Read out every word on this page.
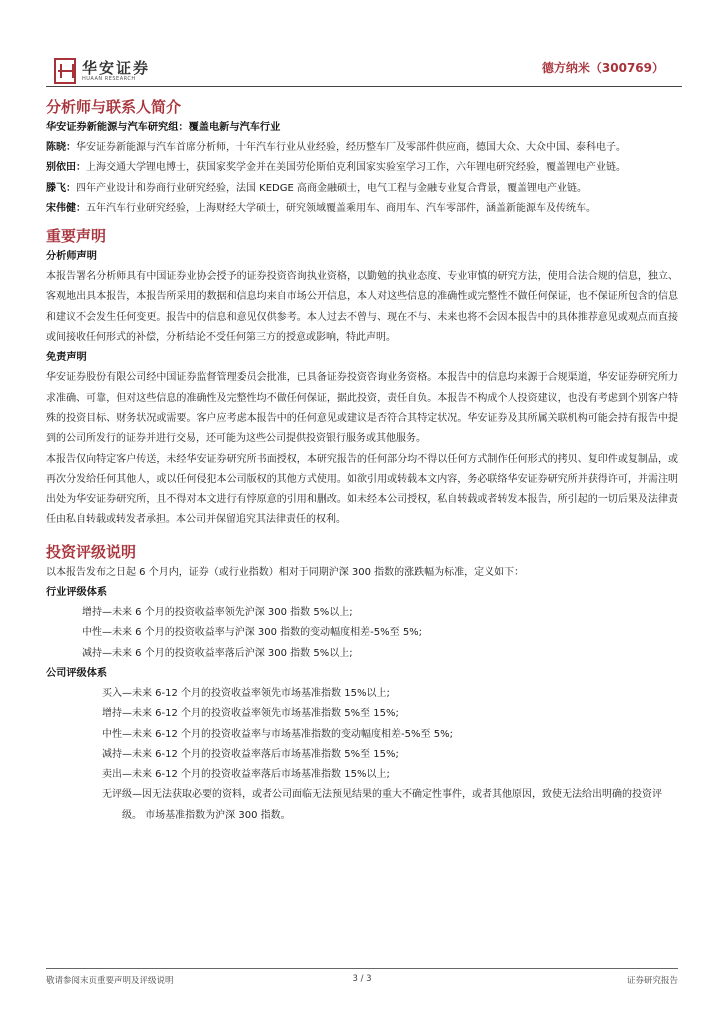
华安证券
HUAAN RESEARCH
德方纳米（300769）
分析师与联系人简介
华安证券新能源与汽车研究组：覆盖电新与汽车行业
陈晓：华安证券新能源与汽车首席分析师，十年汽车行业从业经验，经历整车厂及零部件供应商，德国大众、大众中国、泰科电子。
别依田：上海交通大学锂电博士，获国家奖学金并在美国劳伦斯伯克利国家实验室学习工作，六年锂电研究经验，覆盖锂电产业链。
滕飞：四年产业设计和券商行业研究经验，法国 KEDGE 高商金融硕士，电气工程与金融专业复合背景，覆盖锂电产业链。
宋伟健：五年汽车行业研究经验，上海财经大学硕士，研究领域覆盖乘用车、商用车、汽车零部件，涵盖新能源车及传统车。
重要声明
分析师声明
本报告署名分析师具有中国证券业协会授予的证券投资咨询执业资格，以勤勉的执业态度、专业审慎的研究方法，使用合法合规的信息，独立、客观地出具本报告，本报告所采用的数据和信息均来自市场公开信息，本人对这些信息的准确性或完整性不做任何保证，也不保证所包含的信息和建议不会发生任何变更。报告中的信息和意见仅供参考。本人过去不曾与、现在不与、未来也将不会因本报告中的具体推荐意见或观点而直接或间接收任何形式的补偿，分析结论不受任何第三方的授意或影响，特此声明。
免责声明
华安证券股份有限公司经中国证券监督管理委员会批准，已具备证券投资咨询业务资格。本报告中的信息均来源于合规渠道，华安证券研究所力求准确、可靠，但对这些信息的准确性及完整性均不做任何保证，据此投资，责任自负。本报告不构成个人投资建议，也没有考虑到个别客户特殊的投资目标、财务状况或需要。客户应考虑本报告中的任何意见或建议是否符合其特定状况。华安证券及其所属关联机构可能会持有报告中提到的公司所发行的证券并进行交易，还可能为这些公司提供投资银行服务或其他服务。
本报告仅向特定客户传送，未经华安证券研究所书面授权，本研究报告的任何部分均不得以任何方式制作任何形式的拷贝、复印件或复制品，或再次分发给任何其他人，或以任何侵犯本公司版权的其他方式使用。如欲引用或转载本文内容，务必联络华安证券研究所并获得许可，并需注明出处为华安证券研究所，且不得对本文进行有悖原意的引用和删改。如未经本公司授权，私自转载或者转发本报告，所引起的一切后果及法律责任由私自转载或转发者承担。本公司并保留追究其法律责任的权利。
投资评级说明
以本报告发布之日起 6 个月内，证券（或行业指数）相对于同期沪深 300 指数的涨跌幅为标准，定义如下：
行业评级体系
增持—未来 6 个月的投资收益率领先沪深 300 指数 5%以上;
中性—未来 6 个月的投资收益率与沪深 300 指数的变动幅度相差-5%至 5%;
减持—未来 6 个月的投资收益率落后沪深 300 指数 5%以上;
公司评级体系
买入—未来 6-12 个月的投资收益率领先市场基准指数 15%以上;
增持—未来 6-12 个月的投资收益率领先市场基准指数 5%至 15%;
中性—未来 6-12 个月的投资收益率与市场基准指数的变动幅度相差-5%至 5%;
减持—未来 6-12 个月的投资收益率落后市场基准指数 5%至 15%;
卖出—未来 6-12 个月的投资收益率落后市场基准指数 15%以上;
无评级—因无法获取必要的资料，或者公司面临无法预见结果的重大不确定性事件，或者其他原因，致使无法给出明确的投资评级。 市场基准指数为沪深 300 指数。
敬请参阅末页重要声明及评级说明	3 / 3	证券研究报告
